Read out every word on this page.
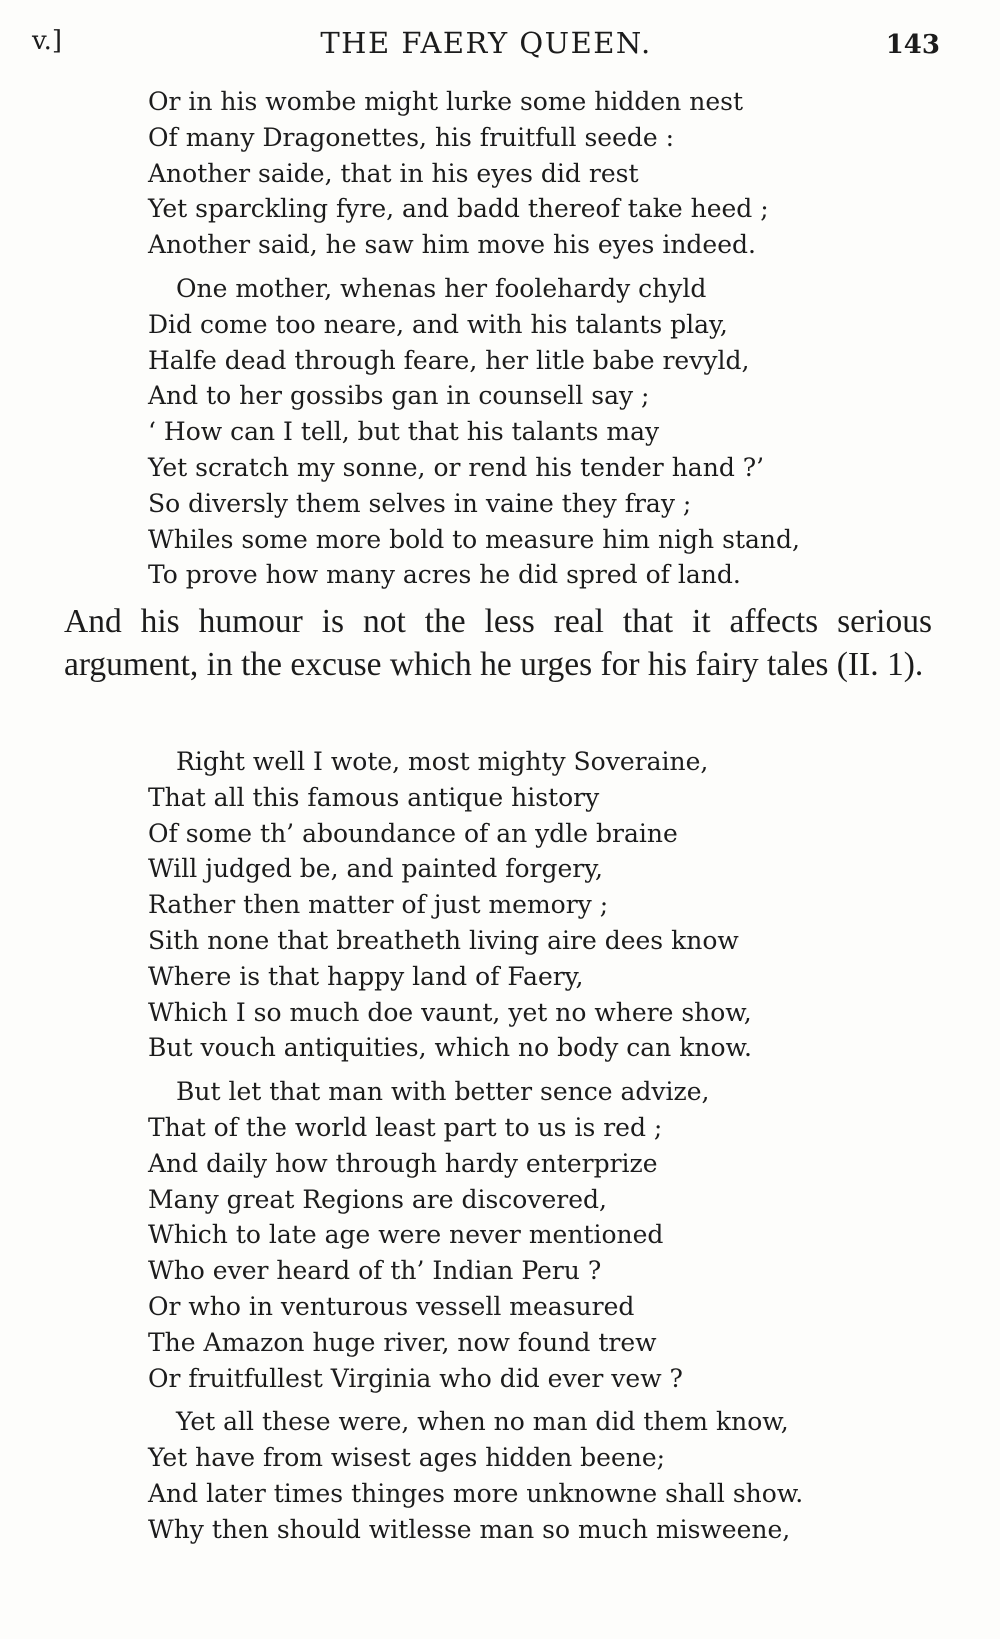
v.]	THE FAERY QUEEN.	143
Or in his wombe might lurke some hidden nest
Of many Dragonettes, his fruitfull seede :
Another saide, that in his eyes did rest
Yet sparckling fyre, and badd thereof take heed ;
Another said, he saw him move his eyes indeed.
One mother, whenas her foolehardy chyld
Did come too neare, and with his talants play,
Halfe dead through feare, her litle babe revyld,
And to her gossibs gan in counsell say ;
‘ How can I tell, but that his talants may
Yet scratch my sonne, or rend his tender hand ?’
So diversly them selves in vaine they fray ;
Whiles some more bold to measure him nigh stand,
To prove how many acres he did spred of land.
And his humour is not the less real that it affects serious argument, in the excuse which he urges for his fairy tales (II. 1).
Right well I wote, most mighty Soveraine,
That all this famous antique history
Of some th’ aboundance of an ydle braine
Will judged be, and painted forgery,
Rather then matter of just memory ;
Sith none that breatheth living aire dees know
Where is that happy land of Faery,
Which I so much doe vaunt, yet no where show,
But vouch antiquities, which no body can know.
But let that man with better sence advize,
That of the world least part to us is red ;
And daily how through hardy enterprize
Many great Regions are discovered,
Which to late age were never mentioned
Who ever heard of th’ Indian Peru ?
Or who in venturous vessell measured
The Amazon huge river, now found trew
Or fruitfullest Virginia who did ever vew ?
Yet all these were, when no man did them know,
Yet have from wisest ages hidden beene;
And later times thinges more unknowne shall show.
Why then should witlesse man so much misweene,
